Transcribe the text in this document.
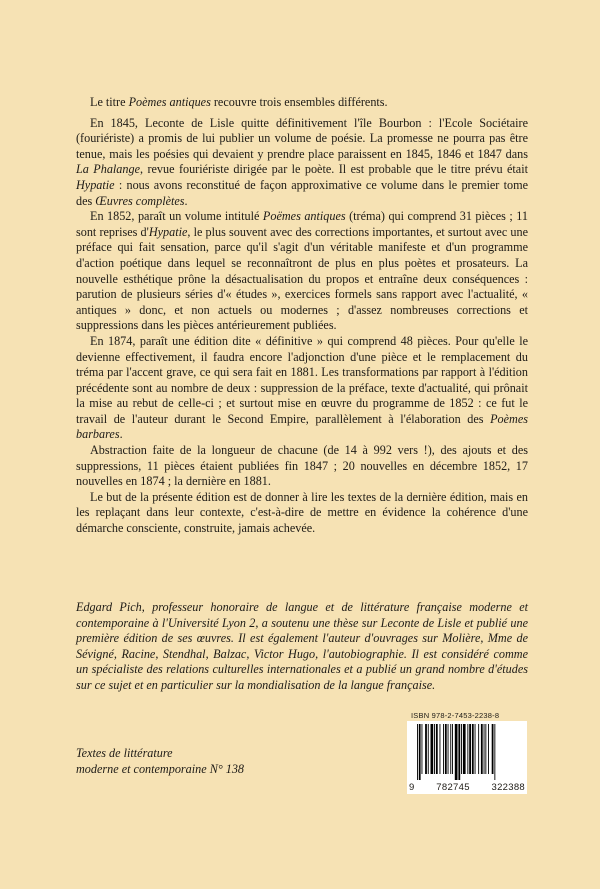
Le titre Poèmes antiques recouvre trois ensembles différents.

En 1845, Leconte de Lisle quitte définitivement l'île Bourbon : l'Ecole Sociétaire (fouriériste) a promis de lui publier un volume de poésie. La promesse ne pourra pas être tenue, mais les poésies qui devaient y prendre place paraissent en 1845, 1846 et 1847 dans La Phalange, revue fouriériste dirigée par le poète. Il est probable que le titre prévu était Hypatie : nous avons reconstitué de façon approximative ce volume dans le premier tome des Œuvres complètes.

En 1852, paraît un volume intitulé Poëmes antiques (tréma) qui comprend 31 pièces ; 11 sont reprises d'Hypatie, le plus souvent avec des corrections importantes, et surtout avec une préface qui fait sensation, parce qu'il s'agit d'un véritable manifeste et d'un programme d'action poétique dans lequel se reconnaîtront de plus en plus poètes et prosateurs. La nouvelle esthétique prône la désactualisation du propos et entraîne deux conséquences : parution de plusieurs séries d'« études », exercices formels sans rapport avec l'actualité, « antiques » donc, et non actuels ou modernes ; d'assez nombreuses corrections et suppressions dans les pièces antérieurement publiées.

En 1874, paraît une édition dite « définitive » qui comprend 48 pièces. Pour qu'elle le devienne effectivement, il faudra encore l'adjonction d'une pièce et le remplacement du tréma par l'accent grave, ce qui sera fait en 1881. Les transformations par rapport à l'édition précédente sont au nombre de deux : suppression de la préface, texte d'actualité, qui prônait la mise au rebut de celle-ci ; et surtout mise en œuvre du programme de 1852 : ce fut le travail de l'auteur durant le Second Empire, parallèlement à l'élaboration des Poèmes barbares.

Abstraction faite de la longueur de chacune (de 14 à 992 vers !), des ajouts et des suppressions, 11 pièces étaient publiées fin 1847 ; 20 nouvelles en décembre 1852, 17 nouvelles en 1874 ; la dernière en 1881.

Le but de la présente édition est de donner à lire les textes de la dernière édition, mais en les replaçant dans leur contexte, c'est-à-dire de mettre en évidence la cohérence d'une démarche consciente, construite, jamais achevée.

Edgard Pich, professeur honoraire de langue et de littérature française moderne et contemporaine à l'Université Lyon 2, a soutenu une thèse sur Leconte de Lisle et publié une première édition de ses œuvres. Il est également l'auteur d'ouvrages sur Molière, Mme de Sévigné, Racine, Stendhal, Balzac, Victor Hugo, l'autobiographie. Il est considéré comme un spécialiste des relations culturelles internationales et a publié un grand nombre d'études sur ce sujet et en particulier sur la mondialisation de la langue française.
Textes de littérature
moderne et contemporaine N° 138
ISBN 978-2-7453-2238-8
9 782745 322388
